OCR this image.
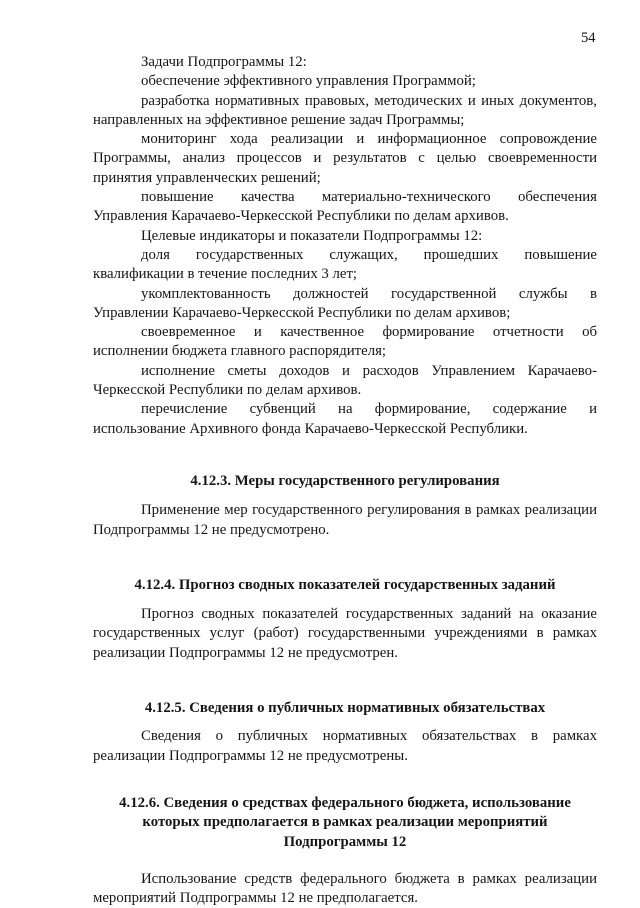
54

Задачи Подпрограммы 12:

обеспечение эффективного управления Программой;

разработка нормативных правовых, методических и иных документов, направленных на эффективное решение задач Программы;

мониторинг хода реализации и информационное сопровождение Программы, анализ процессов и результатов с целью своевременности принятия управленческих решений;

повышение качества материально-технического обеспечения Управления Карачаево-Черкесской Республики по делам архивов.

Целевые индикаторы и показатели Подпрограммы 12:

доля государственных служащих, прошедших повышение квалификации в течение последних 3 лет;

укомплектованность должностей государственной службы в Управлении Карачаево-Черкесской Республики по делам архивов;

своевременное и качественное формирование отчетности об исполнении бюджета главного распорядителя;

исполнение сметы доходов и расходов Управлением Карачаево-Черкесской Республики по делам архивов.

перечисление субвенций на формирование, содержание и использование Архивного фонда Карачаево-Черкесской Республики.

4.12.3. Меры государственного регулирования

Применение мер государственного регулирования в рамках реализации Подпрограммы 12 не предусмотрено.

4.12.4. Прогноз сводных показателей государственных заданий

Прогноз сводных показателей государственных заданий на оказание государственных услуг (работ) государственными учреждениями в рамках реализации Подпрограммы 12 не предусмотрен.

4.12.5. Сведения о публичных нормативных обязательствах

Сведения о публичных нормативных обязательствах в рамках реализации Подпрограммы 12 не предусмотрены.

4.12.6. Сведения о средствах федерального бюджета, использование
которых предполагается в рамках реализации мероприятий
Подпрограммы 12

Использование средств федерального бюджета в рамках реализации мероприятий Подпрограммы 12 не предполагается.
